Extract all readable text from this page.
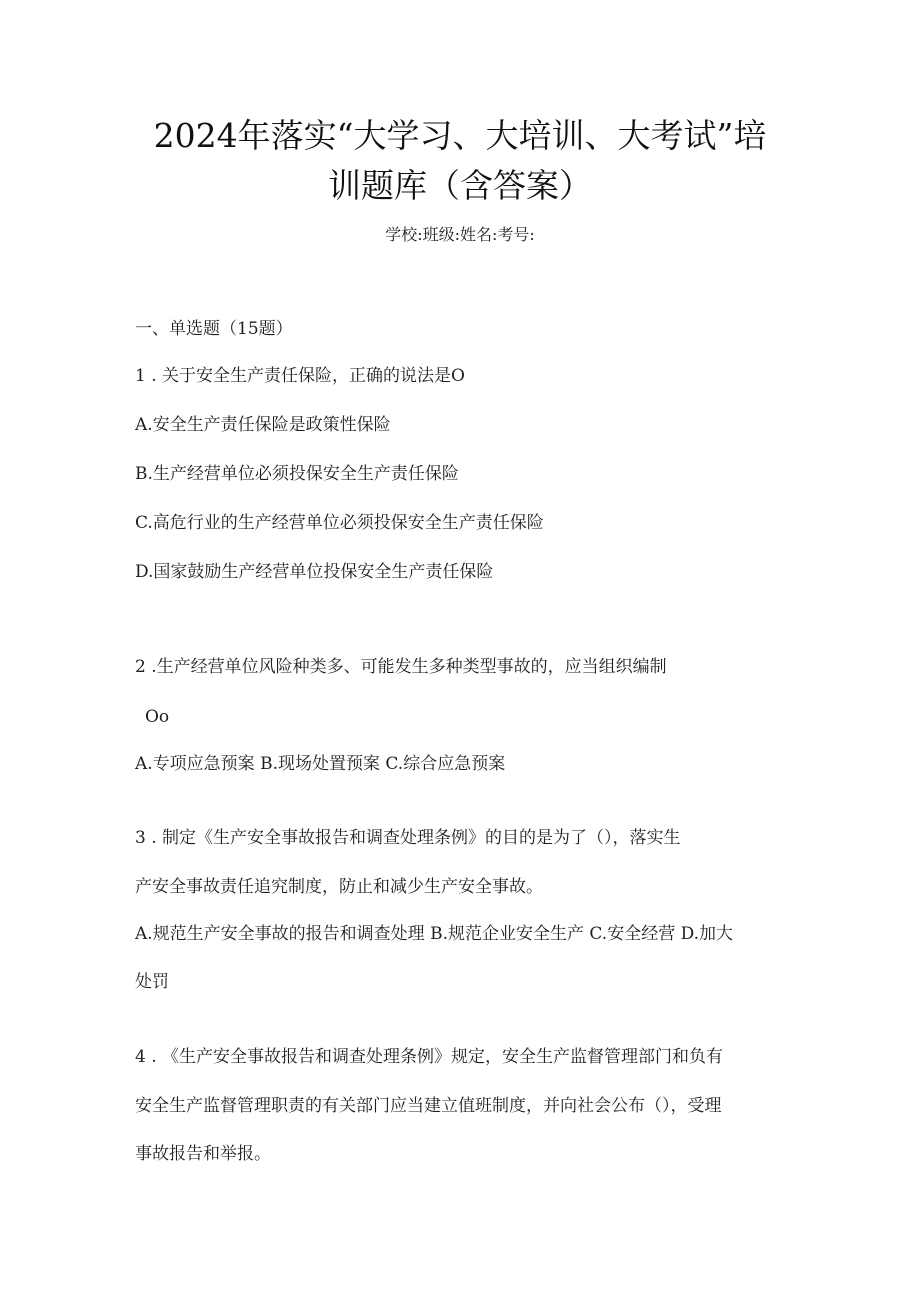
2024年落实“大学习、大培训、大考试”培
训题库（含答案）
学校:班级:姓名:考号:
一、单选题（15题）
1 . 关于安全生产责任保险，正确的说法是O
A.安全生产责任保险是政策性保险
B.生产经营单位必须投保安全生产责任保险
C.高危行业的生产经营单位必须投保安全生产责任保险
D.国家鼓励生产经营单位投保安全生产责任保险
2 .生产经营单位风险种类多、可能发生多种类型事故的，应当组织编制
Oo
A.专项应急预案 B.现场处置预案 C.综合应急预案
3 . 制定《生产安全事故报告和调查处理条例》的目的是为了（），落实生
产安全事故责任追究制度，防止和减少生产安全事故。
A.规范生产安全事故的报告和调查处理 B.规范企业安全生产 C.安全经营 D.加大
处罚
4 . 《生产安全事故报告和调查处理条例》规定，安全生产监督管理部门和负有
安全生产监督管理职责的有关部门应当建立值班制度，并向社会公布（），受理
事故报告和举报。
